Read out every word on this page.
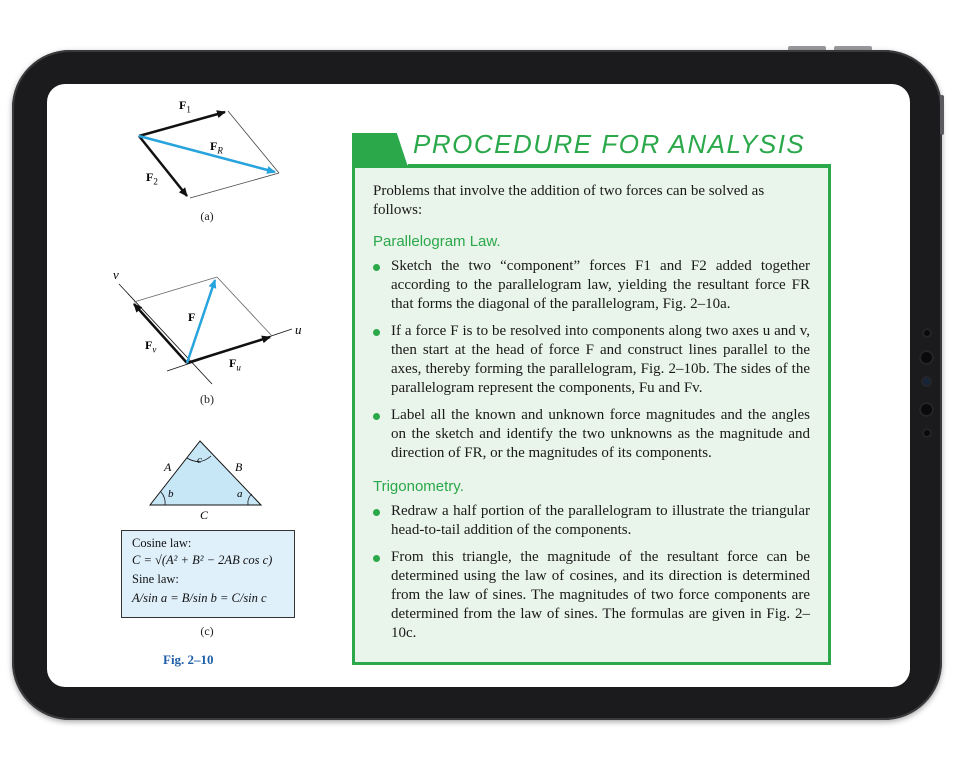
$F_1$
$F_R$
$F_2$
(a)
v
u
F
$F_v$
$F_u$
(b)
A	B
c
b	a
C
Cosine law:
C = √(A² + B² − 2AB cos c)
Sine law:
A/sin a = B/sin b = C/sin c
(c)
Fig. 2–10
PROCEDURE FOR ANALYSIS

Problems that involve the addition of two forces can be solved as follows:

Parallelogram Law.
Sketch the two “component” forces F1 and F2 added together according to the parallelogram law, yielding the resultant force FR that forms the diagonal of the parallelogram, Fig. 2–10a.
If a force F is to be resolved into components along two axes u and v, then start at the head of force F and construct lines parallel to the axes, thereby forming the parallelogram, Fig. 2–10b. The sides of the parallelogram represent the components, Fu and Fv.
Label all the known and unknown force magnitudes and the angles on the sketch and identify the two unknowns as the magnitude and direction of FR, or the magnitudes of its components.
Trigonometry.
Redraw a half portion of the parallelogram to illustrate the triangular head-to-tail addition of the components.
From this triangle, the magnitude of the resultant force can be determined using the law of cosines, and its direction is determined from the law of sines. The magnitudes of two force components are determined from the law of sines. The formulas are given in Fig. 2–10c.
